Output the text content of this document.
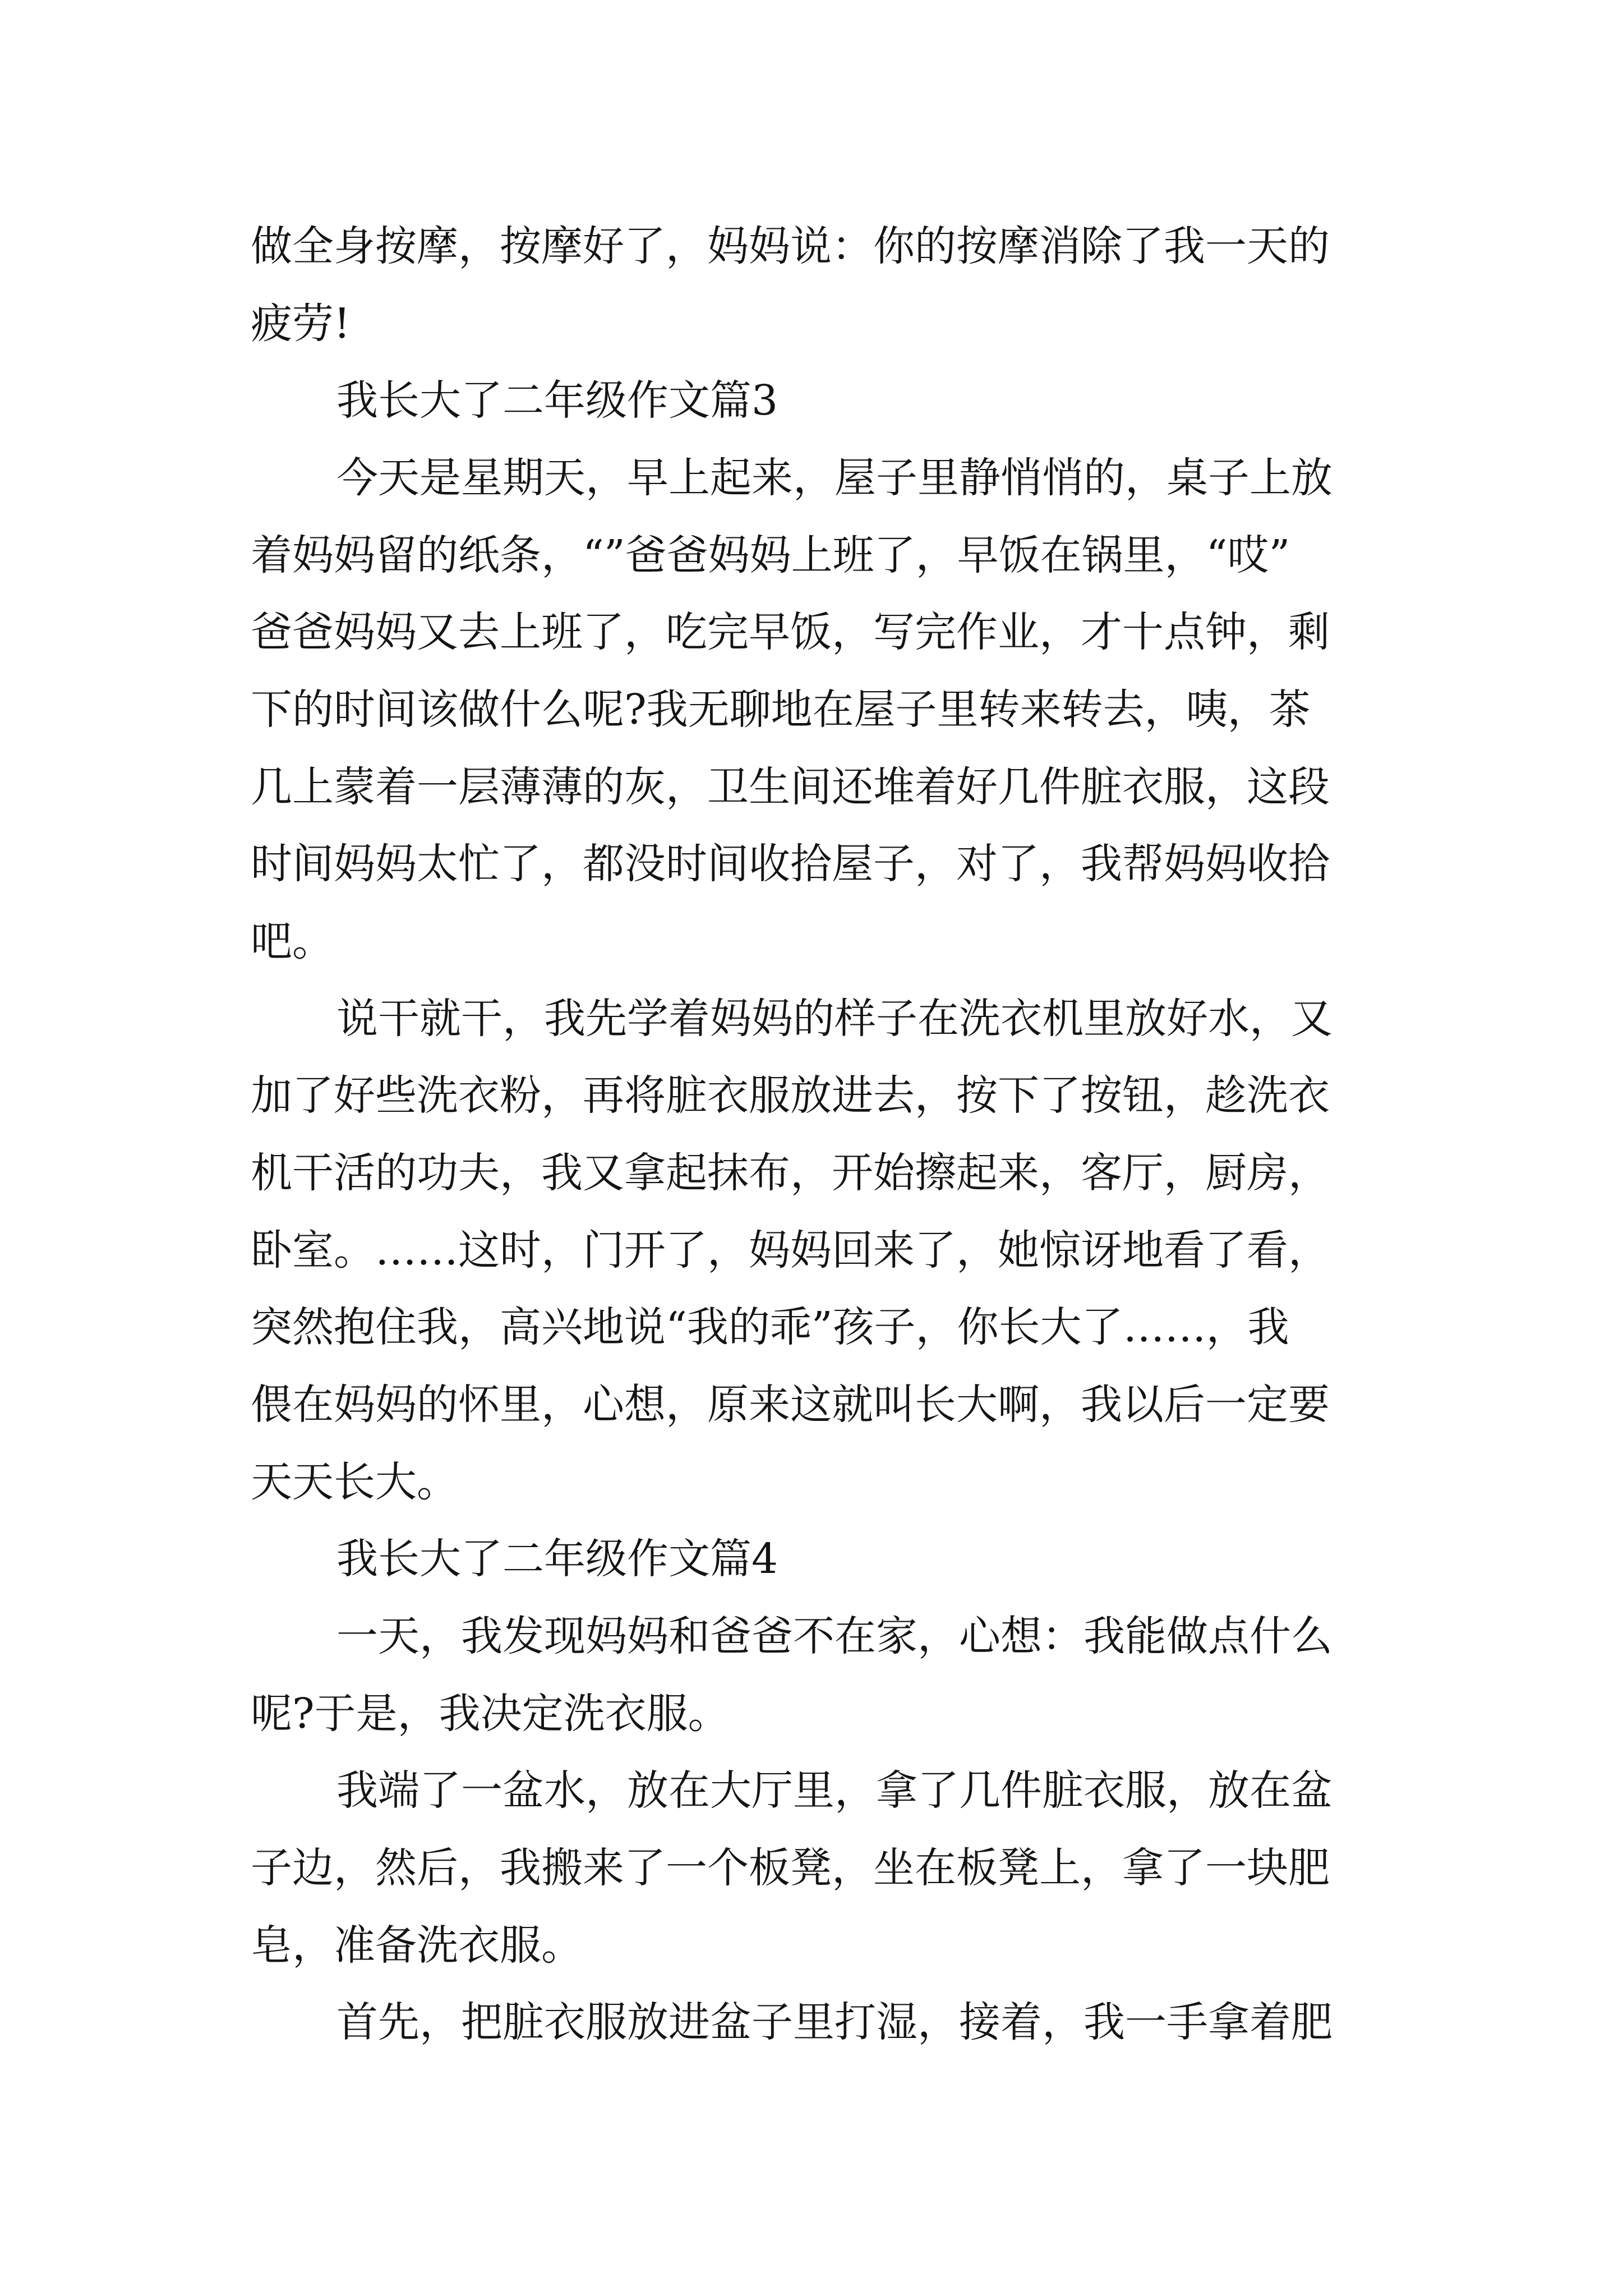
做全身按摩，按摩好了，妈妈说：你的按摩消除了我一天的
疲劳!
我长大了二年级作文篇3
今天是星期天，早上起来，屋子里静悄悄的，桌子上放
着妈妈留的纸条，“”爸爸妈妈上班了，早饭在锅里，“哎”
爸爸妈妈又去上班了，吃完早饭，写完作业，才十点钟，剩
下的时间该做什么呢?我无聊地在屋子里转来转去，咦，茶
几上蒙着一层薄薄的灰，卫生间还堆着好几件脏衣服，这段
时间妈妈太忙了，都没时间收拾屋子，对了，我帮妈妈收拾
吧。
说干就干，我先学着妈妈的样子在洗衣机里放好水，又
加了好些洗衣粉，再将脏衣服放进去，按下了按钮，趁洗衣
机干活的功夫，我又拿起抹布，开始擦起来，客厅，厨房，
卧室。……这时，门开了，妈妈回来了，她惊讶地看了看，
突然抱住我，高兴地说“我的乖”孩子，你长大了……，我
偎在妈妈的怀里，心想，原来这就叫长大啊，我以后一定要
天天长大。
我长大了二年级作文篇4
一天，我发现妈妈和爸爸不在家，心想：我能做点什么
呢?于是，我决定洗衣服。
我端了一盆水，放在大厅里，拿了几件脏衣服，放在盆
子边，然后，我搬来了一个板凳，坐在板凳上，拿了一块肥
皂，准备洗衣服。
首先，把脏衣服放进盆子里打湿，接着，我一手拿着肥
